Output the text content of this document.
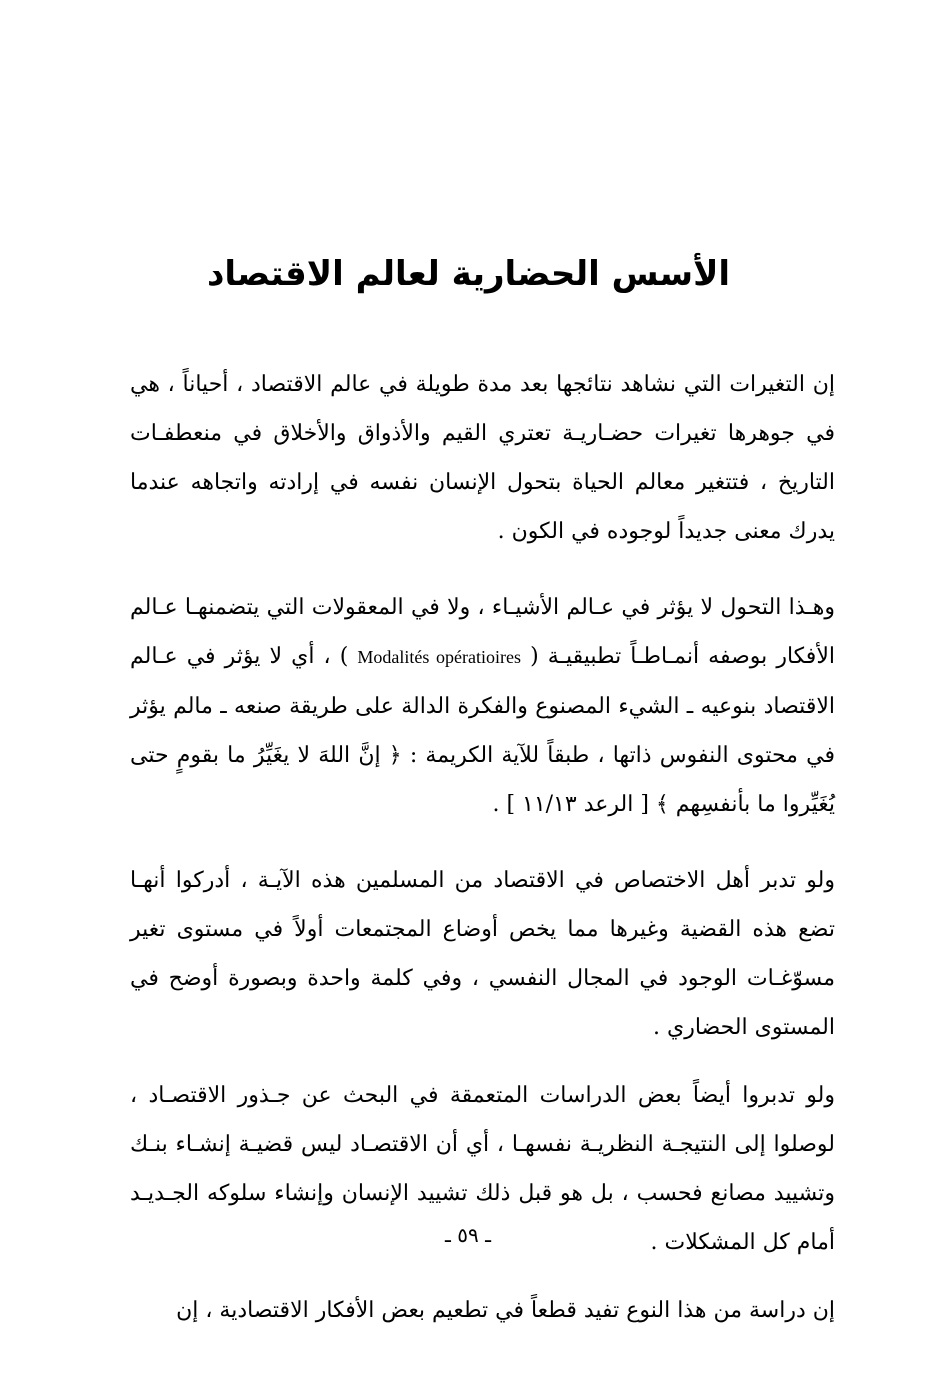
الأسس الحضارية لعالم الاقتصاد

إن التغيرات التي نشاهد نتائجها بعد مدة طويلة في عالم الاقتصاد ، أحياناً ، هي في جوهرها تغيرات حضـاريـة تعتري القيم والأذواق والأخلاق في منعطفـات التاريخ ، فتتغير معالم الحياة بتحول الإنسان نفسه في إرادته واتجاهه عندما يدرك معنى جديداً لوجوده في الكون .

وهـذا التحول لا يؤثر في عـالم الأشيـاء ، ولا في المعقولات التي يتضمنهـا عـالم الأفكار بوصفه أنمـاطـاً تطبيقيـة ( Modalités opératioires ) ، أي لا يؤثر في عـالم الاقتصاد بنوعيه ـ الشيء المصنوع والفكرة الدالة على طريقة صنعه ـ مالم يؤثر في محتوى النفوس ذاتها ، طبقاً للآية الكريمة : ﴿ إنَّ اللهَ لا يغَيِّرُ ما بقومٍ حتى يُغَيِّروا ما بأنفسِهم ﴾ [ الرعد ١١/١٣ ] .

ولو تدبر أهل الاختصاص في الاقتصاد من المسلمين هذه الآيـة ، أدركوا أنهـا تضع هذه القضية وغيرها مما يخص أوضاع المجتمعات أولاً في مستوى تغير مسوّغـات الوجود في المجال النفسي ، وفي كلمة واحدة وبصورة أوضح في المستوى الحضاري .

ولو تدبروا أيضاً بعض الدراسات المتعمقة في البحث عن جـذور الاقتصـاد ، لوصلوا إلى النتيجـة النظريـة نفسهـا ، أي أن الاقتصـاد ليس قضيـة إنشـاء بنـك وتشييد مصانع فحسب ، بل هو قبل ذلك تشييد الإنسان وإنشاء سلوكه الجـديـد أمام كل المشكلات .

إن دراسة من هذا النوع تفيد قطعاً في تطعيم بعض الأفكار الاقتصادية ، إن

ـ ٥٩ ـ
